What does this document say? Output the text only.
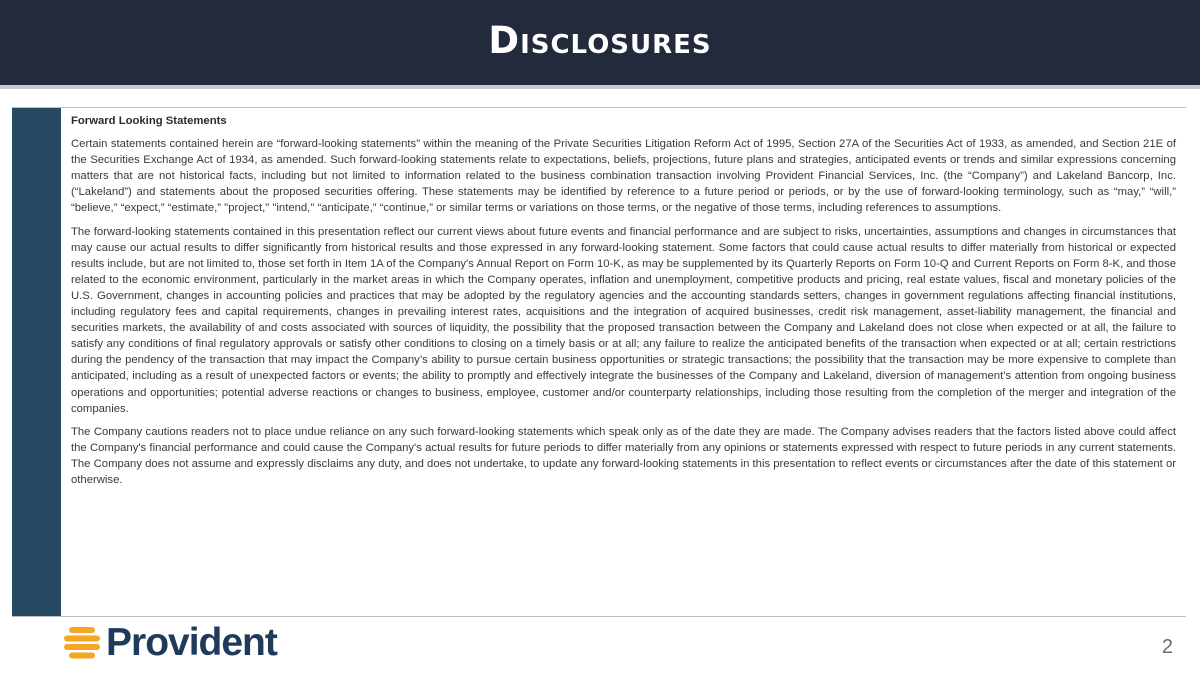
Disclosures

Forward Looking Statements

Certain statements contained herein are “forward-looking statements” within the meaning of the Private Securities Litigation Reform Act of 1995, Section 27A of the Securities Act of 1933, as amended, and Section 21E of the Securities Exchange Act of 1934, as amended. Such forward-looking statements relate to expectations, beliefs, projections, future plans and strategies, anticipated events or trends and similar expressions concerning matters that are not historical facts, including but not limited to information related to the business combination transaction involving Provident Financial Services, Inc. (the “Company”) and Lakeland Bancorp, Inc. (“Lakeland”) and statements about the proposed securities offering. These statements may be identified by reference to a future period or periods, or by the use of forward-looking terminology, such as “may,” “will,” “believe,” “expect,” “estimate,” "project," "intend," “anticipate,” “continue,” or similar terms or variations on those terms, or the negative of those terms, including references to assumptions.

The forward-looking statements contained in this presentation reflect our current views about future events and financial performance and are subject to risks, uncertainties, assumptions and changes in circumstances that may cause our actual results to differ significantly from historical results and those expressed in any forward-looking statement. Some factors that could cause actual results to differ materially from historical or expected results include, but are not limited to, those set forth in Item 1A of the Company's Annual Report on Form 10-K, as may be supplemented by its Quarterly Reports on Form 10-Q and Current Reports on Form 8-K, and those related to the economic environment, particularly in the market areas in which the Company operates, inflation and unemployment, competitive products and pricing, real estate values, fiscal and monetary policies of the U.S. Government, changes in accounting policies and practices that may be adopted by the regulatory agencies and the accounting standards setters, changes in government regulations affecting financial institutions, including regulatory fees and capital requirements, changes in prevailing interest rates, acquisitions and the integration of acquired businesses, credit risk management, asset-liability management, the financial and securities markets, the availability of and costs associated with sources of liquidity, the possibility that the proposed transaction between the Company and Lakeland does not close when expected or at all, the failure to satisfy any conditions of final regulatory approvals or satisfy other conditions to closing on a timely basis or at all; any failure to realize the anticipated benefits of the transaction when expected or at all; certain restrictions during the pendency of the transaction that may impact the Company’s ability to pursue certain business opportunities or strategic transactions; the possibility that the transaction may be more expensive to complete than anticipated, including as a result of unexpected factors or events; the ability to promptly and effectively integrate the businesses of the Company and Lakeland, diversion of management’s attention from ongoing business operations and opportunities; potential adverse reactions or changes to business, employee, customer and/or counterparty relationships, including those resulting from the completion of the merger and integration of the companies.

The Company cautions readers not to place undue reliance on any such forward-looking statements which speak only as of the date they are made. The Company advises readers that the factors listed above could affect the Company's financial performance and could cause the Company's actual results for future periods to differ materially from any opinions or statements expressed with respect to future periods in any current statements. The Company does not assume and expressly disclaims any duty, and does not undertake, to update any forward-looking statements in this presentation to reflect events or circumstances after the date of this statement or otherwise.

Provident	2
